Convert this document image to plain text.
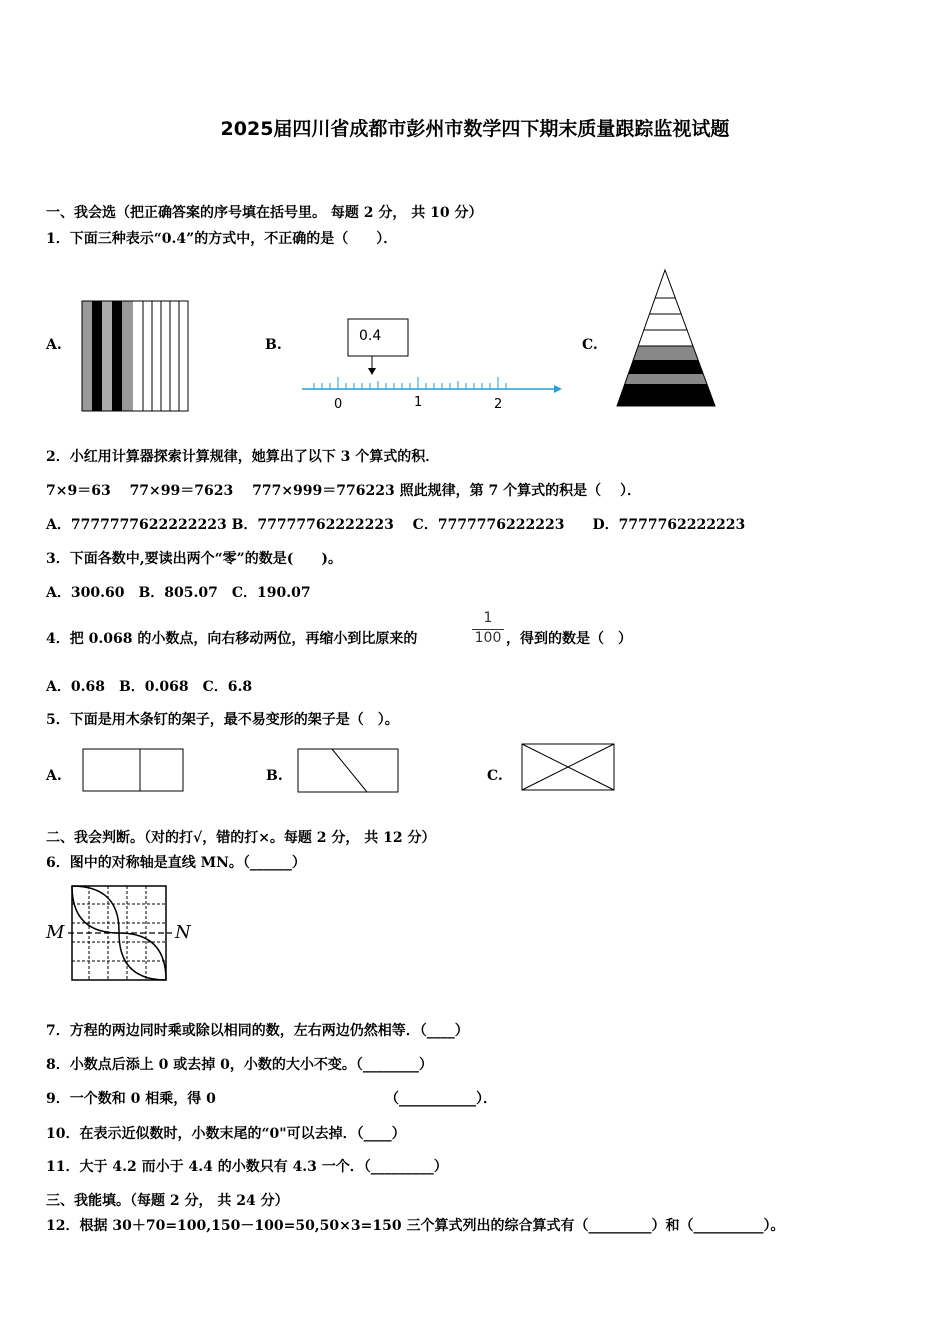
2025届四川省成都市彭州市数学四下期末质量跟踪监视试题
一、我会选（把正确答案的序号填在括号里。 每题 2 分， 共 10 分）
1．下面三种表示“0.4”的方式中，不正确的是（　　）．
A.	B.
0.4
0	1	2
C.
2．小红用计算器探索计算规律，她算出了以下 3 个算式的积．
7×9＝63　 77×99＝7623　 777×999＝776223 照此规律，第 7 个算式的积是（　 ）．
A．7777777622222223 B．77777762222223　 C．7777776222223　　D．7777762222223
3．下面各数中,要读出两个“零”的数是(　　)。
A．300.60　B．805.07　C．190.07
4．把 0.068 的小数点，向右移动两位，再缩小到比原来的
1
100 ，得到的数是（　）
A．0.68　B．0.068　C．6.8
5．下面是用木条钉的架子，最不易变形的架子是（　）。
A.	B.	C.
二、我会判断。（对的打√，错的打×。每题 2 分， 共 12 分）
6．图中的对称轴是直线 MN。（______）
M	N
7．方程的两边同时乘或除以相同的数，左右两边仍然相等．（____）
8．小数点后添上 0 或去掉 0，小数的大小不变。（________）
9．一个数和 0 相乘，得 0	（___________）．
10．在表示近似数时，小数末尾的“0"可以去掉．（____）
11．大于 4.2 而小于 4.4 的小数只有 4.3 一个．（_________）
三、我能填。（每题 2 分， 共 24 分）
12．根据 30＋70=100,150－100=50,50×3=150 三个算式列出的综合算式有（_________）和（__________）。
